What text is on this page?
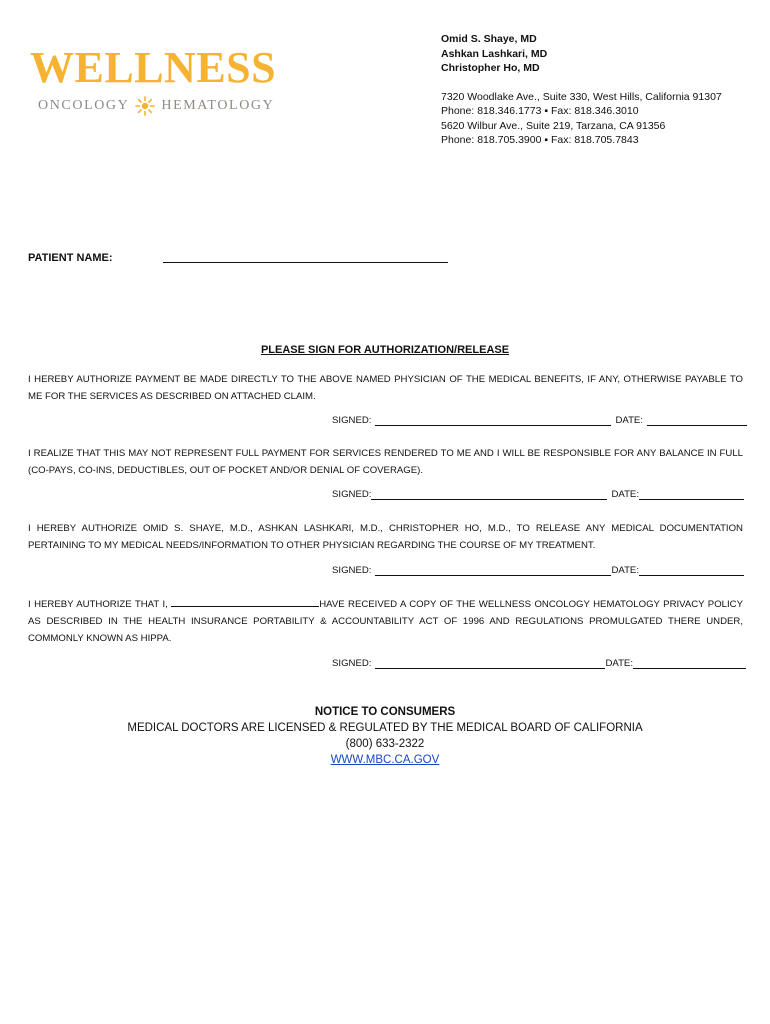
WELLNESS
ONCOLOGY HEMATOLOGY
Omid S. Shaye, MD
Ashkan Lashkari, MD
Christopher Ho, MD
7320 Woodlake Ave., Suite 330, West Hills, California 91307
Phone: 818.346.1773 ▪ Fax: 818.346.3010
5620 Wilbur Ave., Suite 219, Tarzana, CA 91356
Phone: 818.705.3900 ▪ Fax: 818.705.7843
PATIENT NAME:
PLEASE SIGN FOR AUTHORIZATION/RELEASE
I HEREBY AUTHORIZE PAYMENT BE MADE DIRECTLY TO THE ABOVE NAMED PHYSICIAN OF THE MEDICAL BENEFITS, IF ANY, OTHERWISE PAYABLE TO ME FOR THE SERVICES AS DESCRIBED ON ATTACHED CLAIM.
SIGNED:	DATE:
I REALIZE THAT THIS MAY NOT REPRESENT FULL PAYMENT FOR SERVICES RENDERED TO ME AND I WILL BE RESPONSIBLE FOR ANY BALANCE IN FULL (CO-PAYS, CO-INS, DEDUCTIBLES, OUT OF POCKET AND/OR DENIAL OF COVERAGE).
SIGNED:	DATE:
I HEREBY AUTHORIZE OMID S. SHAYE, M.D., ASHKAN LASHKARI, M.D., CHRISTOPHER HO, M.D., TO RELEASE ANY MEDICAL DOCUMENTATION PERTAINING TO MY MEDICAL NEEDS/INFORMATION TO OTHER PHYSICIAN REGARDING THE COURSE OF MY TREATMENT.
SIGNED:	DATE:
I HEREBY AUTHORIZE THAT I,	HAVE RECEIVED A COPY OF THE WELLNESS ONCOLOGY HEMATOLOGY PRIVACY POLICY AS DESCRIBED IN THE HEALTH INSURANCE PORTABILITY & ACCOUNTABILITY ACT OF 1996 AND REGULATIONS PROMULGATED THERE UNDER, COMMONLY KNOWN AS HIPPA.
SIGNED:	DATE:
NOTICE TO CONSUMERS
MEDICAL DOCTORS ARE LICENSED & REGULATED BY THE MEDICAL BOARD OF CALIFORNIA
(800) 633-2322
WWW.MBC.CA.GOV
